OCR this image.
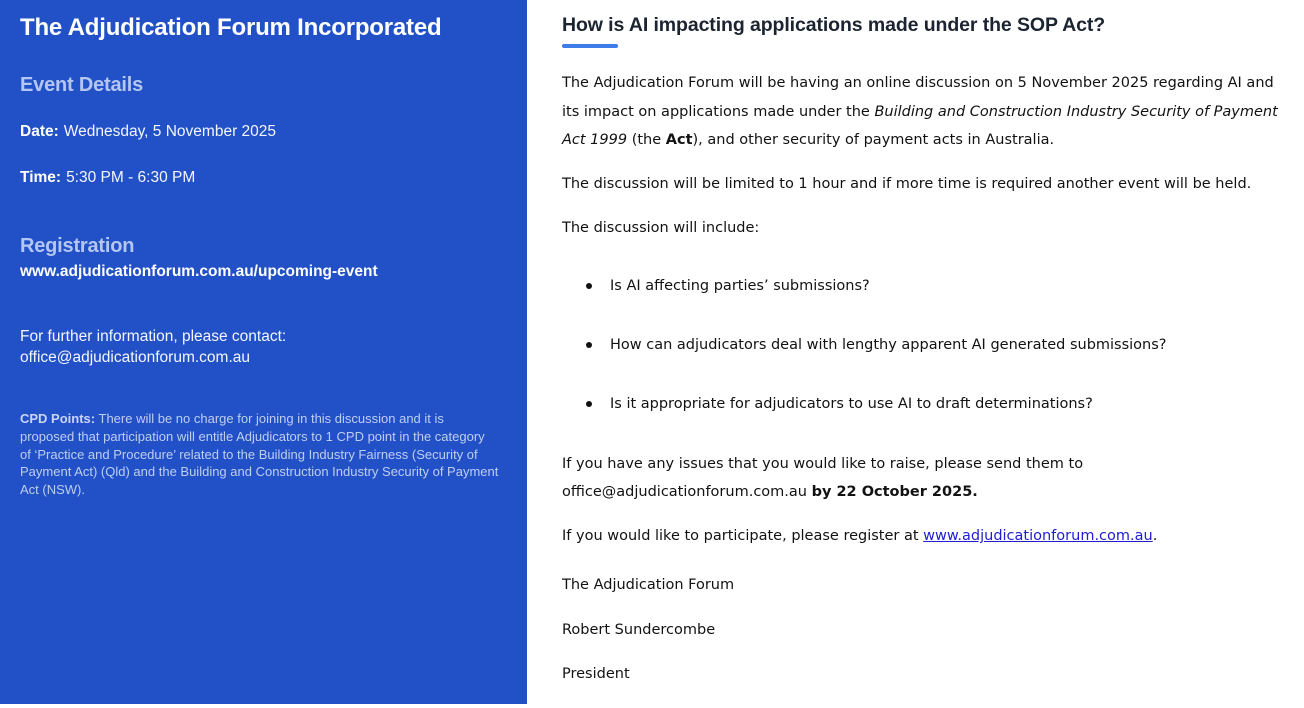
The Adjudication Forum Incorporated
Event Details

Date: Wednesday, 5 November 2025

Time: 5:30 PM - 6:30 PM

Registration

www.adjudicationforum.com.au/upcoming-event

For further information, please contact:
office@adjudicationforum.com.au

CPD Points: There will be no charge for joining in this discussion and it is proposed that participation will entitle Adjudicators to 1 CPD point in the category of ‘Practice and Procedure’ related to the Building Industry Fairness (Security of Payment Act) (Qld) and the Building and Construction Industry Security of Payment Act (NSW).

How is AI impacting applications made under the SOP Act?

The Adjudication Forum will be having an online discussion on 5 November 2025 regarding AI and its impact on applications made under the Building and Construction Industry Security of Payment Act 1999 (the Act), and other security of payment acts in Australia.

The discussion will be limited to 1 hour and if more time is required another event will be held.

The discussion will include:

Is AI affecting parties’ submissions?
How can adjudicators deal with lengthy apparent AI generated submissions?
Is it appropriate for adjudicators to use AI to draft determinations?

If you have any issues that you would like to raise, please send them to office@adjudicationforum.com.au by 22 October 2025.

If you would like to participate, please register at www.adjudicationforum.com.au.

The Adjudication Forum

Robert Sundercombe

President
